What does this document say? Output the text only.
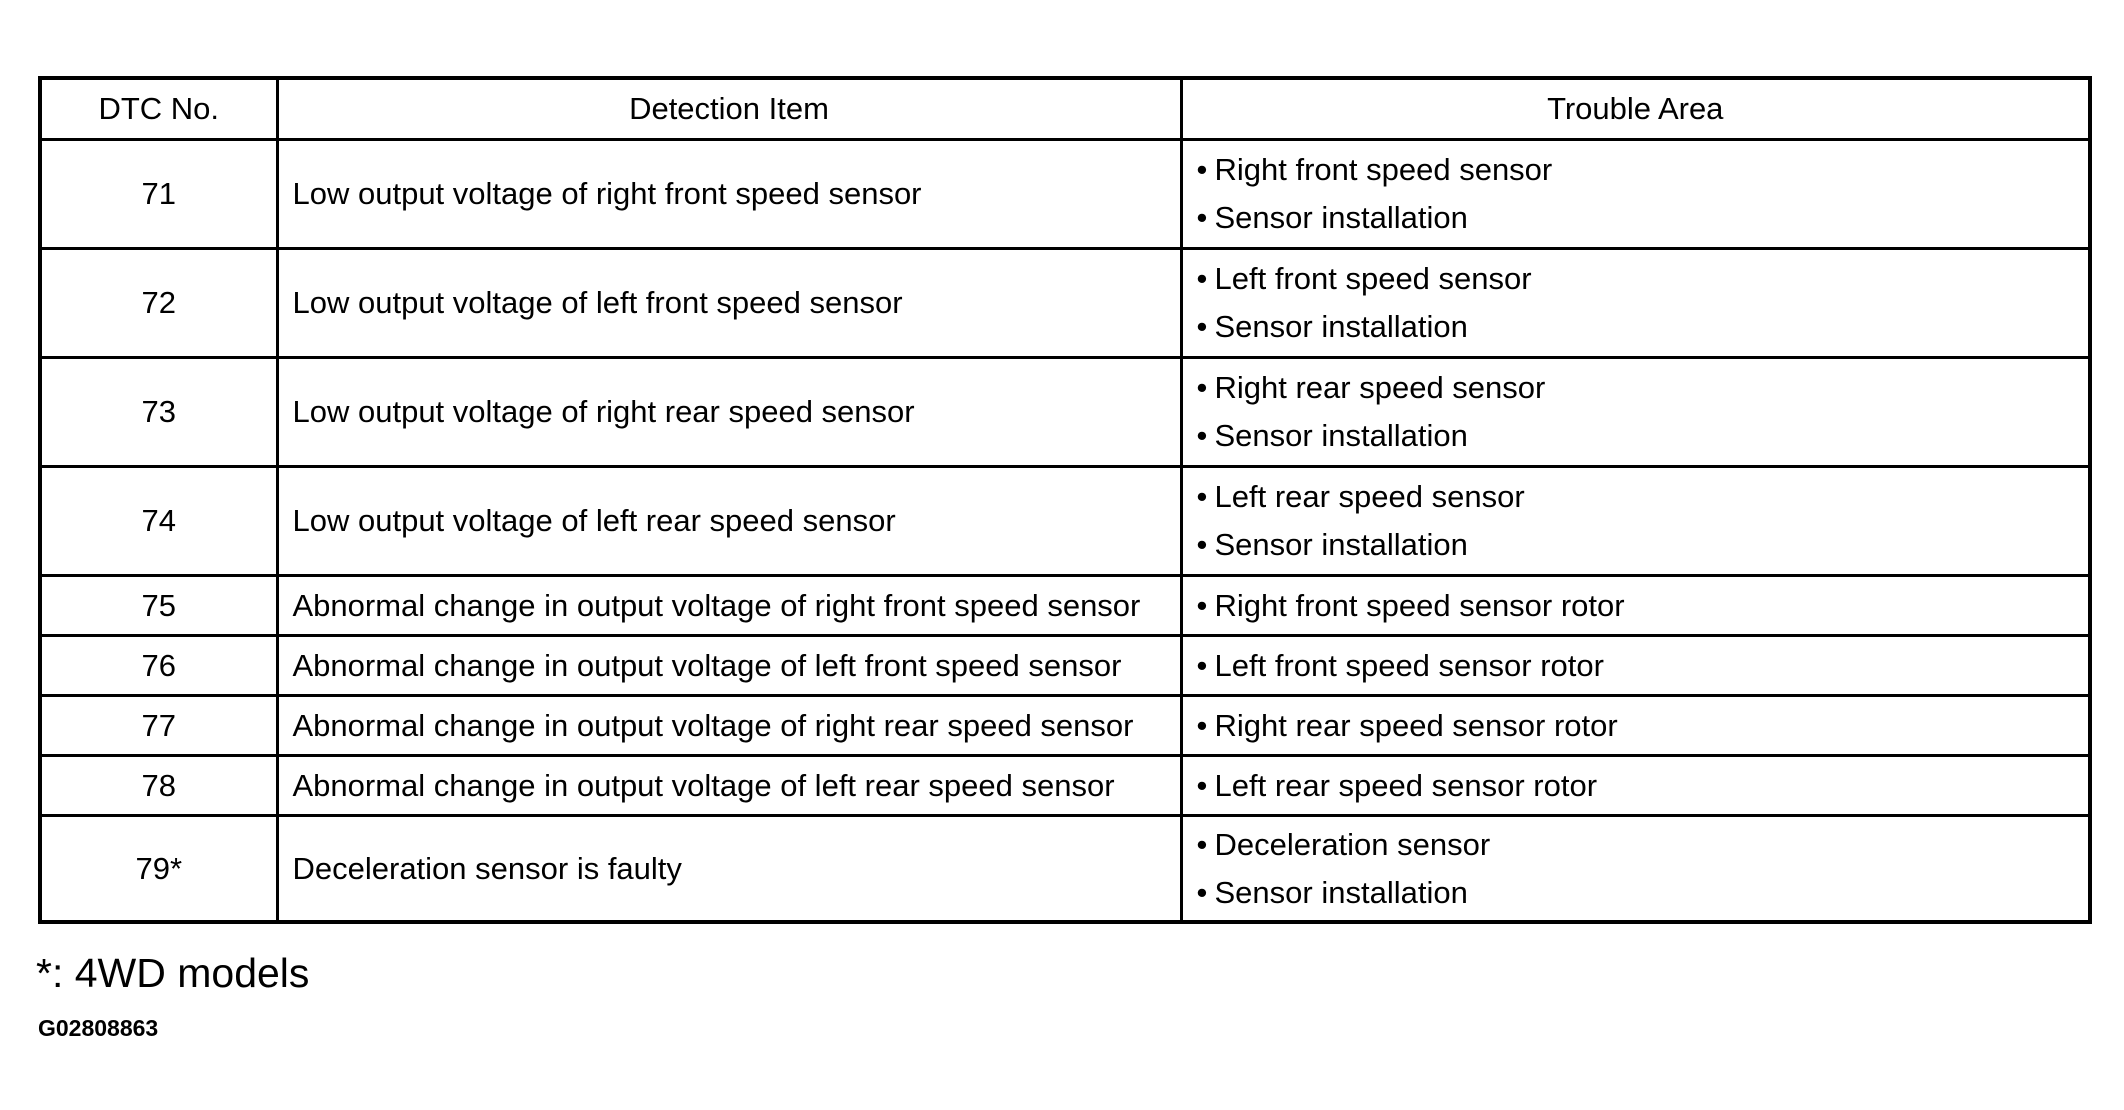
DTC No.	Detection Item	Trouble Area
71	Low output voltage of right front speed sensor	• Right front speed sensor
• Sensor installation

72	Low output voltage of left front speed sensor	• Left front speed sensor
• Sensor installation

73	Low output voltage of right rear speed sensor	• Right rear speed sensor
• Sensor installation

74	Low output voltage of left rear speed sensor	• Left rear speed sensor
• Sensor installation

75	Abnormal change in output voltage of right front speed sensor	• Right front speed sensor rotor

76	Abnormal change in output voltage of left front speed sensor	• Left front speed sensor rotor

77	Abnormal change in output voltage of right rear speed sensor	• Right rear speed sensor rotor

78	Abnormal change in output voltage of left rear speed sensor	• Left rear speed sensor rotor

79*	Deceleration sensor is faulty	• Deceleration sensor
• Sensor installation
*: 4WD models
G02808863
